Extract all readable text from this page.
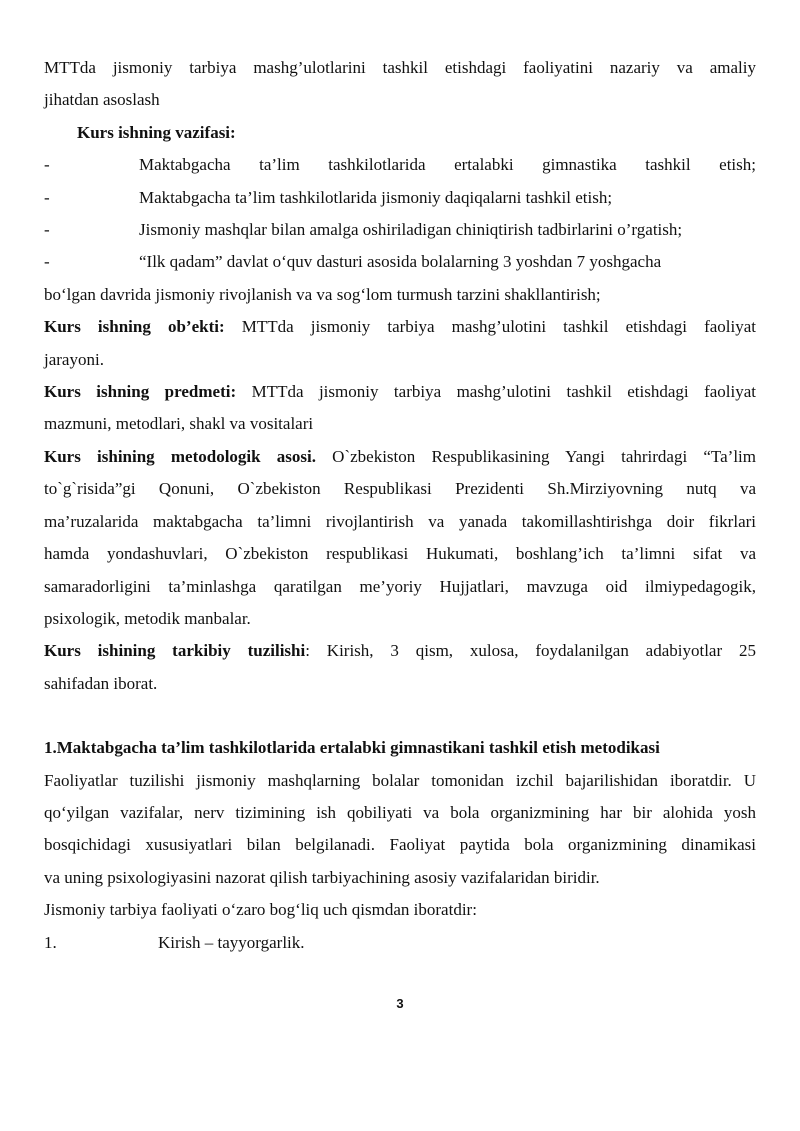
MTTda jismoniy tarbiya mashg’ulotlarini tashkil etishdagi faoliyatini nazariy va amaliy

jihatdan asoslash

Kurs ishning vazifasi:

-	Maktabgacha ta’lim tashkilotlarida ertalabki gimnastika tashkil etish;
-	Maktabgacha ta’lim tashkilotlarida jismoniy daqiqalarni tashkil etish;
-	Jismoniy mashqlar bilan amalga oshiriladigan chiniqtirish tadbirlarini o’rgatish;
-	“Ilk qadam” davlat o‘quv dasturi asosida bolalarning 3 yoshdan 7 yoshgacha

bo‘lgan davrida jismoniy rivojlanish va va sog‘lom turmush tarzini shakllantirish;

Kurs ishning ob’ekti: MTTda jismoniy tarbiya mashg’ulotini tashkil etishdagi faoliyat

jarayoni.

Kurs ishning predmeti: MTTda jismoniy tarbiya mashg’ulotini tashkil etishdagi faoliyat

mazmuni, metodlari, shakl va vositalari

Kurs ishining metodologik asosi. O`zbekiston Respublikasining Yangi tahrirdagi “Ta’lim

to`g`risida”gi Qonuni, O`zbekiston Respublikasi Prezidenti Sh.Mirziyovning nutq va

ma’ruzalarida maktabgacha ta’limni rivojlantirish va yanada takomillashtirishga doir fikrlari

hamda yondashuvlari, O`zbekiston respublikasi Hukumati, boshlang’ich ta’limni sifat va

samaradorligini ta’minlashga qaratilgan me’yoriy Hujjatlari, mavzuga oid ilmiypedagogik,

psixologik, metodik manbalar.

Kurs ishining tarkibiy tuzilishi: Kirish, 3 qism, xulosa, foydalanilgan adabiyotlar 25

sahifadan iborat.

1.Maktabgacha ta’lim tashkilotlarida ertalabki gimnastikani tashkil etish metodikasi

Faoliyatlar tuzilishi jismoniy mashqlarning bolalar tomonidan izchil bajarilishidan iboratdir. U

qo‘yilgan vazifalar, nerv tizimining ish qobiliyati va bola organizmining har bir alohida yosh

bosqichidagi xususiyatlari bilan belgilanadi. Faoliyat paytida bola organizmining dinamikasi

va uning psixologiyasini nazorat qilish tarbiyachining asosiy vazifalaridan biridir.

Jismoniy tarbiya faoliyati o‘zaro bog‘liq uch qismdan iboratdir:

1.	Kirish – tayyorgarlik.
3
